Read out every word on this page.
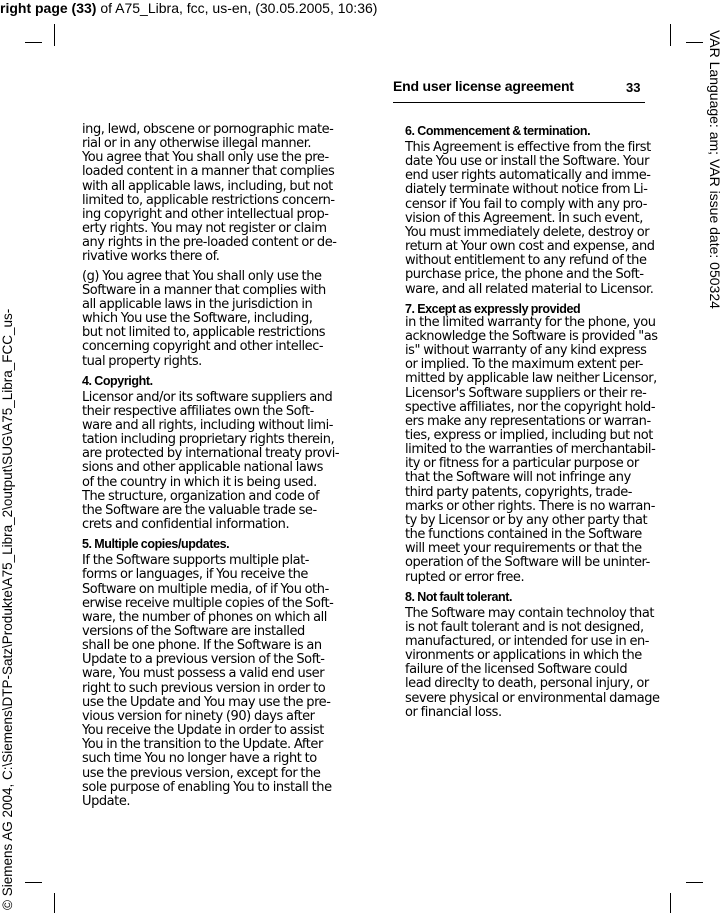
right page (33) of A75_Libra, fcc, us-en, (30.05.2005, 10:36)
© Siemens AG 2004, C:\Siemens\DTP-Satz\Produkte\A75_Libra_2\output\SUG\A75_Libra_FCC_us-
VAR Language: am; VAR issue date: 050324
End user license agreement	33

ing, lewd, obscene or pornographic mate-
rial or in any otherwise illegal manner.
You agree that You shall only use the pre-
loaded content in a manner that complies
with all applicable laws, including, but not
limited to, applicable restrictions concern-
ing copyright and other intellectual prop-
erty rights. You may not register or claim
any rights in the pre-loaded content or de-
rivative works there of.

(g) You agree that You shall only use the
Software in a manner that complies with
all applicable laws in the jurisdiction in
which You use the Software, including,
but not limited to, applicable restrictions
concerning copyright and other intellec-
tual property rights.

4. Copyright.

Licensor and/or its software suppliers and
their respective affiliates own the Soft-
ware and all rights, including without limi-
tation including proprietary rights therein,
are protected by international treaty provi-
sions and other applicable national laws
of the country in which it is being used.
The structure, organization and code of
the Software are the valuable trade se-
crets and confidential information.

5. Multiple copies/updates.

If the Software supports multiple plat-
forms or languages, if You receive the
Software on multiple media, of if You oth-
erwise receive multiple copies of the Soft-
ware, the number of phones on which all
versions of the Software are installed
shall be one phone. If the Software is an
Update to a previous version of the Soft-
ware, You must possess a valid end user
right to such previous version in order to
use the Update and You may use the pre-
vious version for ninety (90) days after
You receive the Update in order to assist
You in the transition to the Update. After
such time You no longer have a right to
use the previous version, except for the
sole purpose of enabling You to install the
Update.

6. Commencement & termination.

This Agreement is effective from the first
date You use or install the Software. Your
end user rights automatically and imme-
diately terminate without notice from Li-
censor if You fail to comply with any pro-
vision of this Agreement. In such event,
You must immediately delete, destroy or
return at Your own cost and expense, and
without entitlement to any refund of the
purchase price, the phone and the Soft-
ware, and all related material to Licensor.

7. Except as expressly provided

in the limited warranty for the phone, you
acknowledge the Software is provided "as
is" without warranty of any kind express
or implied. To the maximum extent per-
mitted by applicable law neither Licensor,
Licensor's Software suppliers or their re-
spective affiliates, nor the copyright hold-
ers make any representations or warran-
ties, express or implied, including but not
limited to the warranties of merchantabil-
ity or fitness for a particular purpose or
that the Software will not infringe any
third party patents, copyrights, trade-
marks or other rights. There is no warran-
ty by Licensor or by any other party that
the functions contained in the Software
will meet your requirements or that the
operation of the Software will be uninter-
rupted or error free.

8. Not fault tolerant.

The Software may contain technoloy that
is not fault tolerant and is not designed,
manufactured, or intended for use in en-
vironments or applications in which the
failure of the licensed Software could
lead direclty to death, personal injury, or
severe physical or environmental damage
or financial loss.
